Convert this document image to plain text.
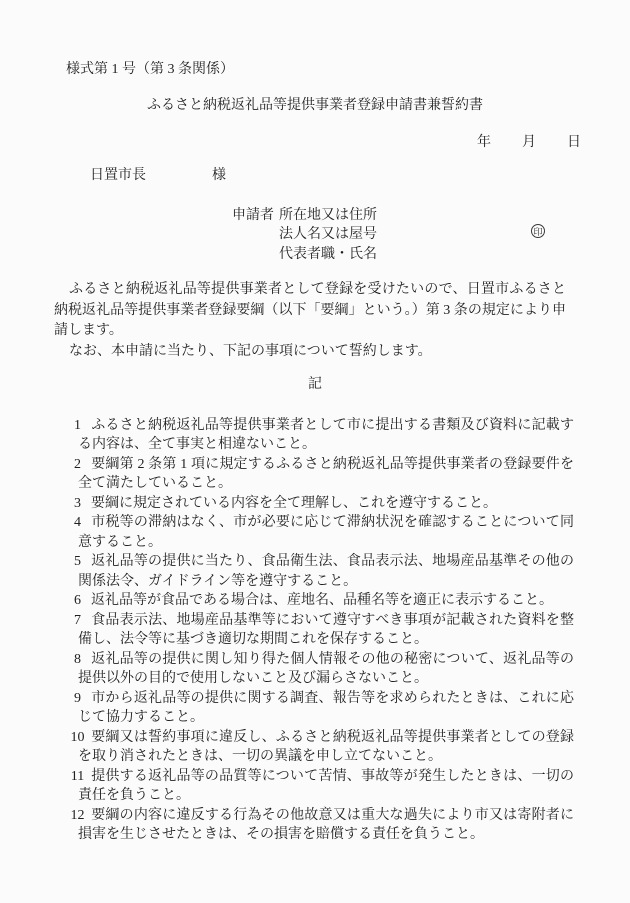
様式第 1 号（第 3 条関係）
ふるさと納税返礼品等提供事業者登録申請書兼誓約書
年　　月　　日
日置市長	様
申請者 所在地又は住所
法人名又は屋号
代表者職・氏名
印

ふるさと納税返礼品等提供事業者として登録を受けたいので、日置市ふるさと納税返礼品等提供事業者登録要綱（以下「要綱」という。）第 3 条の規定により申請します。

なお、本申請に当たり、下記の事項について誓約します。

記
1 ふるさと納税返礼品等提供事業者として市に提出する書類及び資料に記載する内容は、全て事実と相違ないこと。
2 要綱第 2 条第 1 項に規定するふるさと納税返礼品等提供事業者の登録要件を全て満たしていること。
3 要綱に規定されている内容を全て理解し、これを遵守すること。
4 市税等の滞納はなく、市が必要に応じて滞納状況を確認することについて同意すること。
5 返礼品等の提供に当たり、食品衛生法、食品表示法、地場産品基準その他の関係法令、ガイドライン等を遵守すること。
6 返礼品等が食品である場合は、産地名、品種名等を適正に表示すること。
7 食品表示法、地場産品基準等において遵守すべき事項が記載された資料を整備し、法令等に基づき適切な期間これを保存すること。
8 返礼品等の提供に関し知り得た個人情報その他の秘密について、返礼品等の提供以外の目的で使用しないこと及び漏らさないこと。
9 市から返礼品等の提供に関する調査、報告等を求められたときは、これに応じて協力すること。
10 要綱又は誓約事項に違反し、ふるさと納税返礼品等提供事業者としての登録を取り消されたときは、一切の異議を申し立てないこと。
11 提供する返礼品等の品質等について苦情、事故等が発生したときは、一切の責任を負うこと。
12 要綱の内容に違反する行為その他故意又は重大な過失により市又は寄附者に損害を生じさせたときは、その損害を賠償する責任を負うこと。
